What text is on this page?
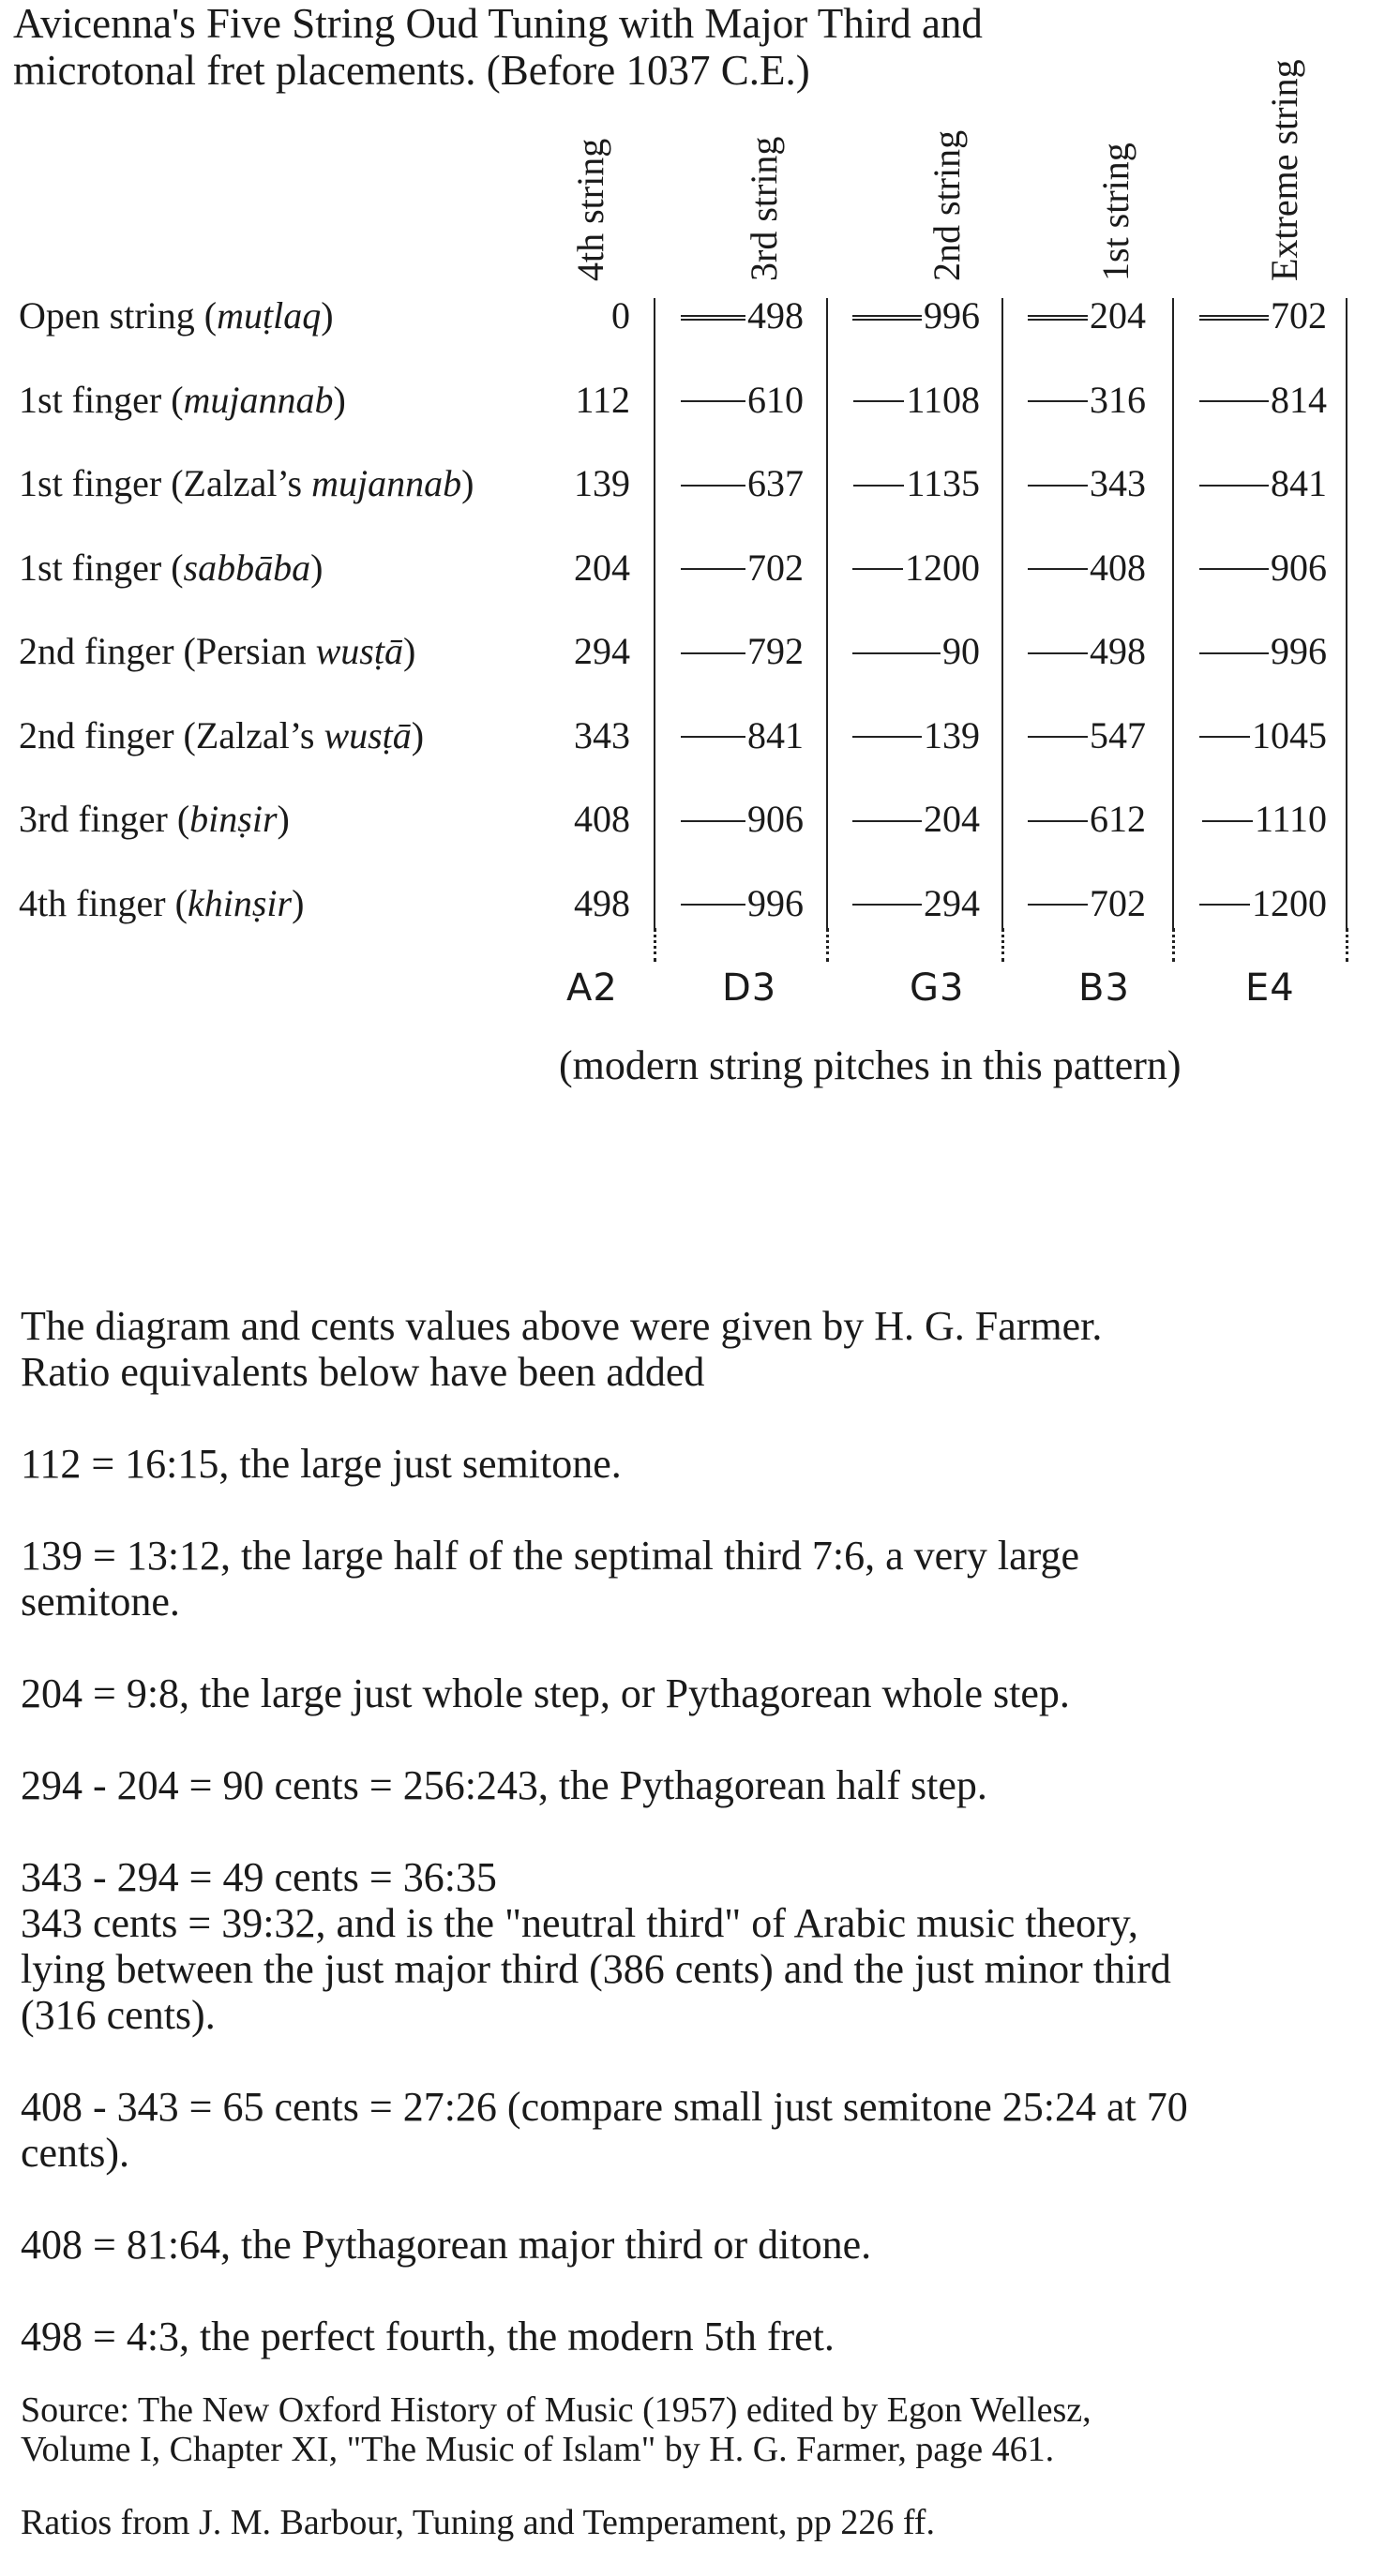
Avicenna's Five String Oud Tuning with Major Third and
microtonal fret placements. (Before 1037 C.E.)
4th string	3rd string	2nd string	1st string	Extreme string
Open string (muṭlaq)	0	498	996	204	702
1st finger (mujannab)	112	610	1108	316	814
1st finger (Zalzal’s mujannab)	139	637	1135	343	841
1st finger (sabbāba)	204	702	1200	408	906
2nd finger (Persian wusṭā)	294	792	90	498	996
2nd finger (Zalzal’s wusṭā)	343	841	139	547	1045
3rd finger (binṣir)	408	906	204	612	1110
4th finger (khinṣir)	498	996	294	702	1200
A2	D3	G3	B3	E4
(modern string pitches in this pattern)

The diagram and cents values above were given by H. G. Farmer.
Ratio equivalents below have been added

112 = 16:15, the large just semitone.

139 = 13:12, the large half of the septimal third 7:6, a very large
semitone.

204 = 9:8, the large just whole step, or Pythagorean whole step.

294 - 204 = 90 cents = 256:243, the Pythagorean half step.

343 - 294 = 49 cents = 36:35
343 cents = 39:32, and is the "neutral third" of Arabic music theory,
lying between the just major third (386 cents) and the just minor third
(316 cents).

408 - 343 = 65 cents = 27:26 (compare small just semitone 25:24 at 70
cents).

408 = 81:64, the Pythagorean major third or ditone.

498 = 4:3, the perfect fourth, the modern 5th fret.

Source: The New Oxford History of Music (1957) edited by Egon Wellesz,
Volume I, Chapter XI, "The Music of Islam" by H. G. Farmer, page 461.

Ratios from J. M. Barbour, Tuning and Temperament, pp 226 ff.
